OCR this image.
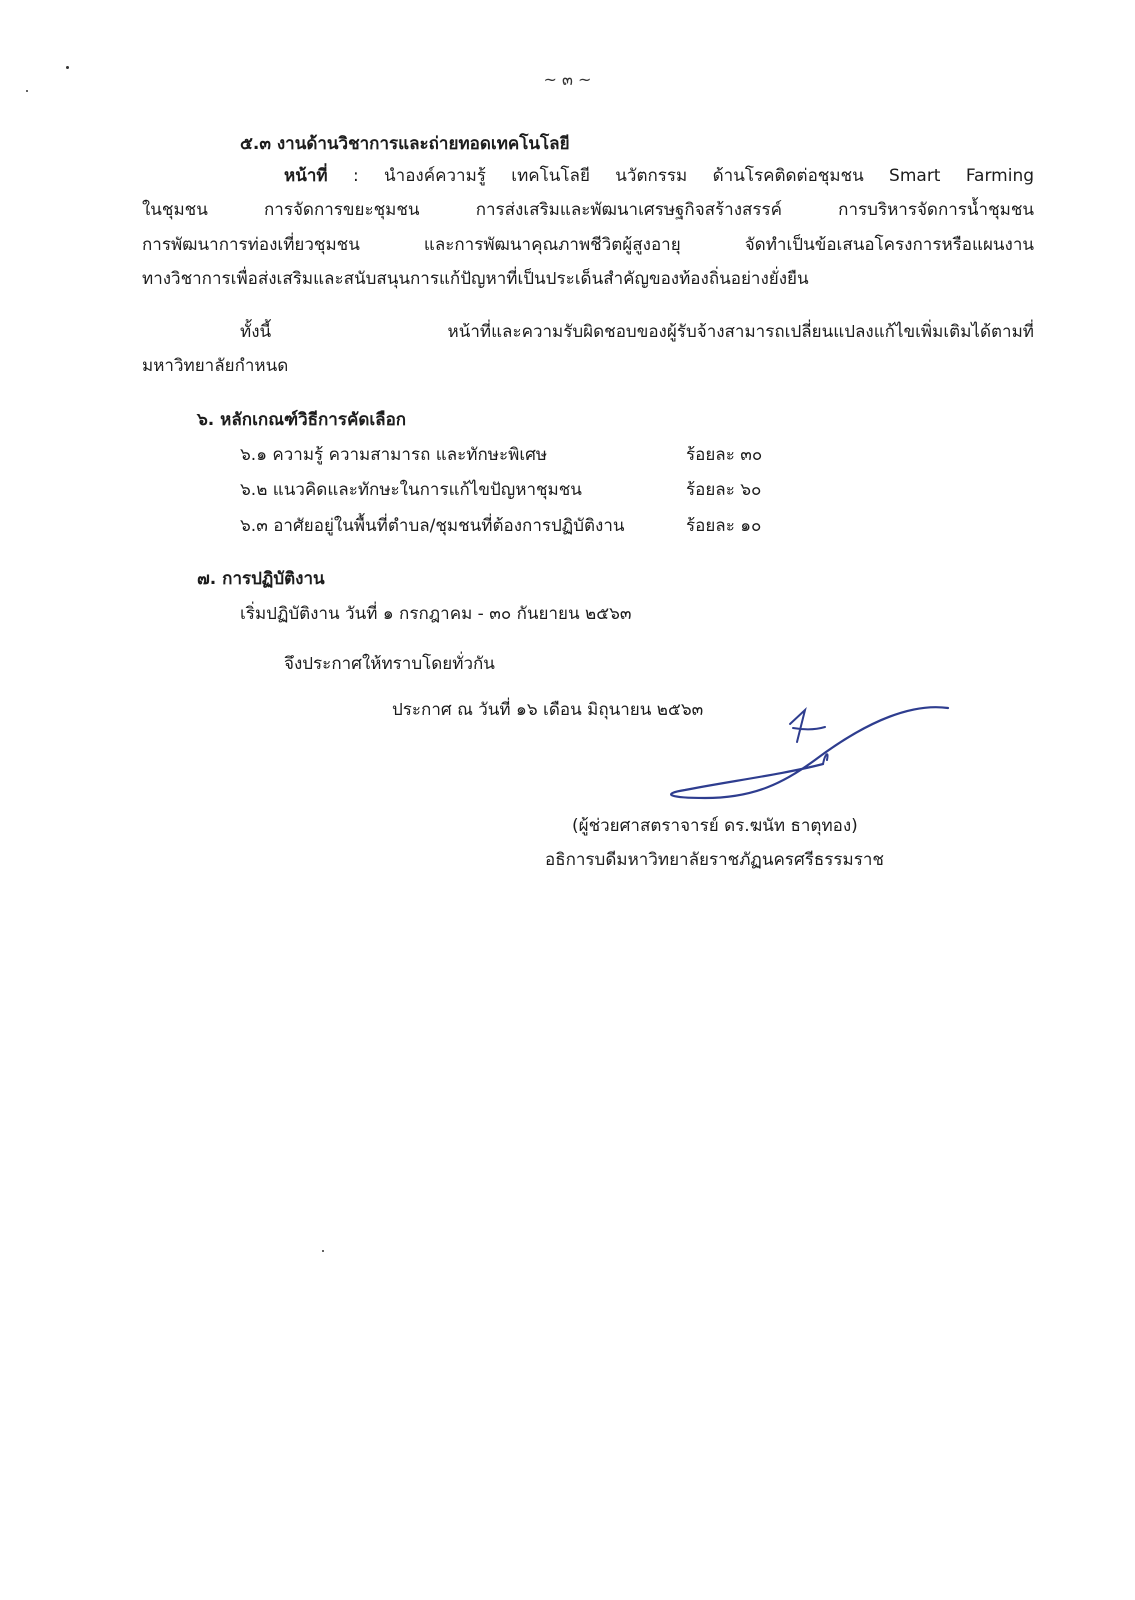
~ ๓ ~
๕.๓ งานด้านวิชาการและถ่ายทอดเทคโนโลยี
หน้าที่ : นำองค์ความรู้ เทคโนโลยี นวัตกรรม ด้านโรคติดต่อชุมชน Smart Farming
ในชุมชน การจัดการขยะชุมชน การส่งเสริมและพัฒนาเศรษฐกิจสร้างสรรค์ การบริหารจัดการน้ำชุมชน
การพัฒนาการท่องเที่ยวชุมชน และการพัฒนาคุณภาพชีวิตผู้สูงอายุ จัดทำเป็นข้อเสนอโครงการหรือแผนงาน
ทางวิชาการเพื่อส่งเสริมและสนับสนุนการแก้ปัญหาที่เป็นประเด็นสำคัญของท้องถิ่นอย่างยั่งยืน
ทั้งนี้ หน้าที่และความรับผิดชอบของผู้รับจ้างสามารถเปลี่ยนแปลงแก้ไขเพิ่มเติมได้ตามที่
มหาวิทยาลัยกำหนด
๖. หลักเกณฑ์วิธีการคัดเลือก
๖.๑ ความรู้ ความสามารถ และทักษะพิเศษ	ร้อยละ ๓๐
๖.๒ แนวคิดและทักษะในการแก้ไขปัญหาชุมชน	ร้อยละ ๖๐
๖.๓ อาศัยอยู่ในพื้นที่ตำบล/ชุมชนที่ต้องการปฏิบัติงาน	ร้อยละ ๑๐
๗. การปฏิบัติงาน
เริ่มปฏิบัติงาน วันที่ ๑ กรกฎาคม - ๓๐ กันยายน ๒๕๖๓
จึงประกาศให้ทราบโดยทั่วกัน
ประกาศ ณ วันที่ ๑๖ เดือน มิถุนายน ๒๕๖๓
(ผู้ช่วยศาสตราจารย์ ดร.ฆนัท ธาตุทอง)
อธิการบดีมหาวิทยาลัยราชภัฏนครศรีธรรมราช
